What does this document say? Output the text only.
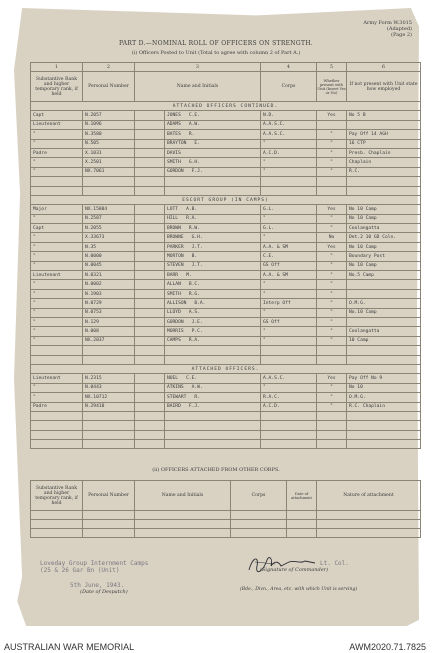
Army Form W.3015
(Adapted)
(Page 2)
PART D.—NOMINAL ROLL OF OFFICERS ON STRENGTH.
(i) Officers Posted to Unit (Total to agree with column 2 of Part A.)
1	2	3		4	5	6
Substantive Rank and higher temporary rank, if held	Personal Number	Name and Initials		Corps	Whether present with Unit (Insert Yes or No)	If not present with Unit state how employed
ATTACHED OFFICERS CONTINUED.						
Capt	N.2057		JONES C.E.	N.D.	Yes	No 5 B
Lieutenant	N.1096		ADAMS A.W.	A.A.S.C.		
"	N.3580		BATES R.	A.A.S.C.	"	Pay Off 14 AGH
"	N.505		BRAYTON E.	"	"	16 CTP
Padre	X.1031		DAVIS	A.C.D.	"	Presb. Chaplain
"	X.2501		SMITH G.H.	"	"	Chaplain
"	NX.7061		GORDON F.J.	"	"	R.C.

ESCORT GROUP (IN CAMPS)						
Major	NX.15804		LOTT A.B.	G.L.	Yes	No 10 Camp
"	N.2587		HILL R.A.	"	"	No 10 Camp
Capt	N.2055		BROWN R.W.	G.L.	"	Coolangatta
"	X.33673		BROWNE G.H.	"	No	Det.2 10 GD Coln.
"	N.35		PARKER J.T.	A.A. & SM	Yes	No 10 Camp
"	N.0000		MORTON B.	C.E.	"	Boundary Post
"	N.0045		STEVEN J.T.	GS Off	"	No 10 Camp
Lieutenant	N.0321		BARR M.	A.A. & SM	"	No.5 Camp
"	N.0002		ALLAN B.C.	"	"	
"	N.1903		SMITH R.G.	"	"	
"	N.0729		ALLISON B.A.	Interp Off	"	O.M.G.
"	N.0753		LLOYD A.S.	"	"	No.10 Camp
"	N.129		GORDON J.E.	GS Off	"	
"	N.008		MORRIS P.C.	"	"	Coolangatta
"	NX.2037		CAMPS R.A.	"	"	10 Camp

ATTACHED OFFICERS.						
Lieutenant	N.2315		NOEL C.E.	A.A.S.C.	Yes	Pay Off No 9
"	N.0443		ATKINS A.W.	"	"	No 10
"	NX.10712		STEWART R.	R.A.C.	"	O.M.G.
Padre	N.29410		BAIRD F.J.	A.C.D.	"	R.C. Chaplain

(ii) OFFICERS ATTACHED FROM OTHER CORPS.
Substantive Rank and higher temporary rank, if held	Personal Number	Name and Initials	Corps	Date of attachment	Nature of attachment

Loveday Group Internment Camps
(25 & 26 Gar Bn (Unit)
5th June, 1943.
(Date of Despatch)
Lt. Col.
(Signature of Commander)
(Bde., Divn., Area, etc. with which Unit is serving)
AUSTRALIAN WAR MEMORIAL	AWM2020.71.7825
